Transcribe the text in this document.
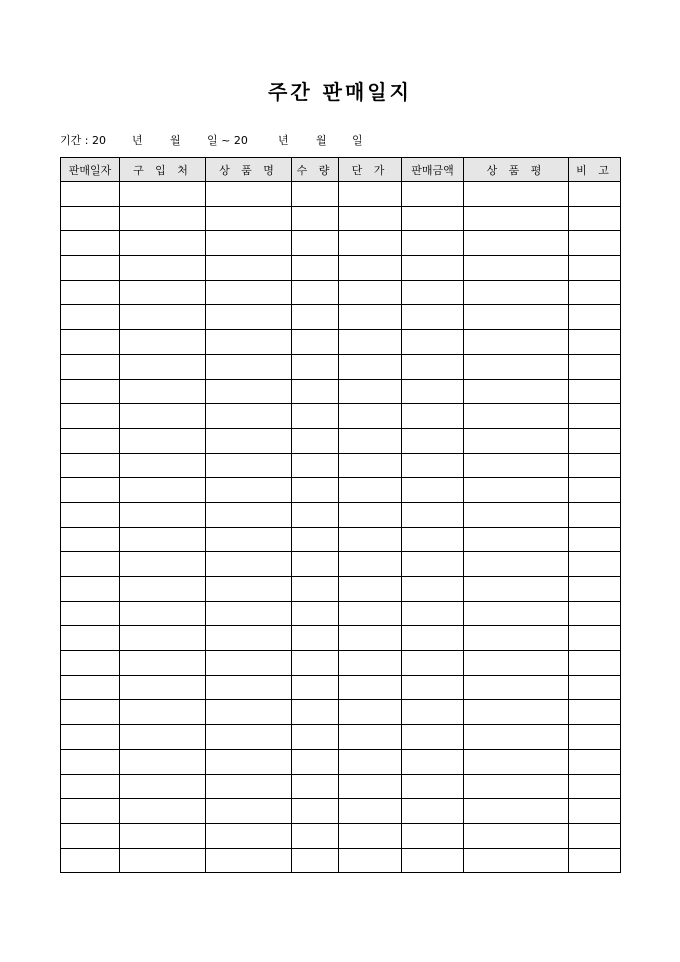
주간 판매일지
기간 : 20 년 월 일 ~ 20	년 월 일
판매일자	구 입 처	상 품 명	수 량	단 가	판매금액	상 품 평	비 고
